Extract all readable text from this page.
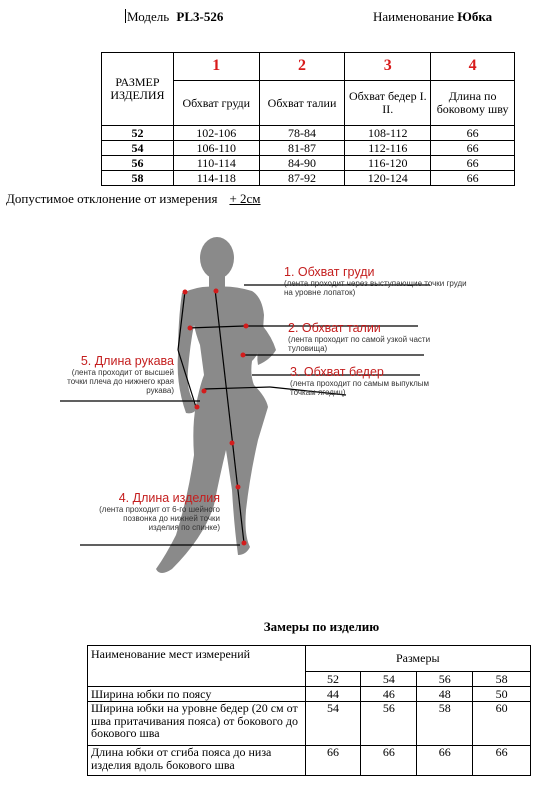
Модель PL3-526	Наименование Юбка
РАЗМЕР ИЗДЕЛИЯ	1	2	3	4
	Обхват груди	Обхват талии	Обхват бедер I. II.	Длина по боковому шву
52	102-106	78-84	108-112	66
54	106-110	81-87	112-116	66
56	110-114	84-90	116-120	66
58	114-118	87-92	120-124	66
Допустимое отклонение от измерения + 2см
1. Обхват груди
(лента проходит через выступающие точки груди на уровне лопаток)
2. Обхват талии
(лента проходит по самой узкой части туловища)
3. Обхват бедер
(лента проходит по самым выпуклым точкам ягодиц)
5. Длина рукава
(лента проходит от высшей точки плеча до нижнего края рукава)
4. Длина изделия
(лента проходит от 6-го шейного позвонка до нижней точки изделия по спинке)
Замеры по изделию
Наименование мест измерений	Размеры			
	52	54	56	58
Ширина юбки по поясу	44	46	48	50
Ширина юбки на уровне бедер (20 см от шва притачивания пояса) от бокового до бокового шва	54	56	58	60
Длина юбки от сгиба пояса до низа изделия вдоль бокового шва	66	66	66	66
